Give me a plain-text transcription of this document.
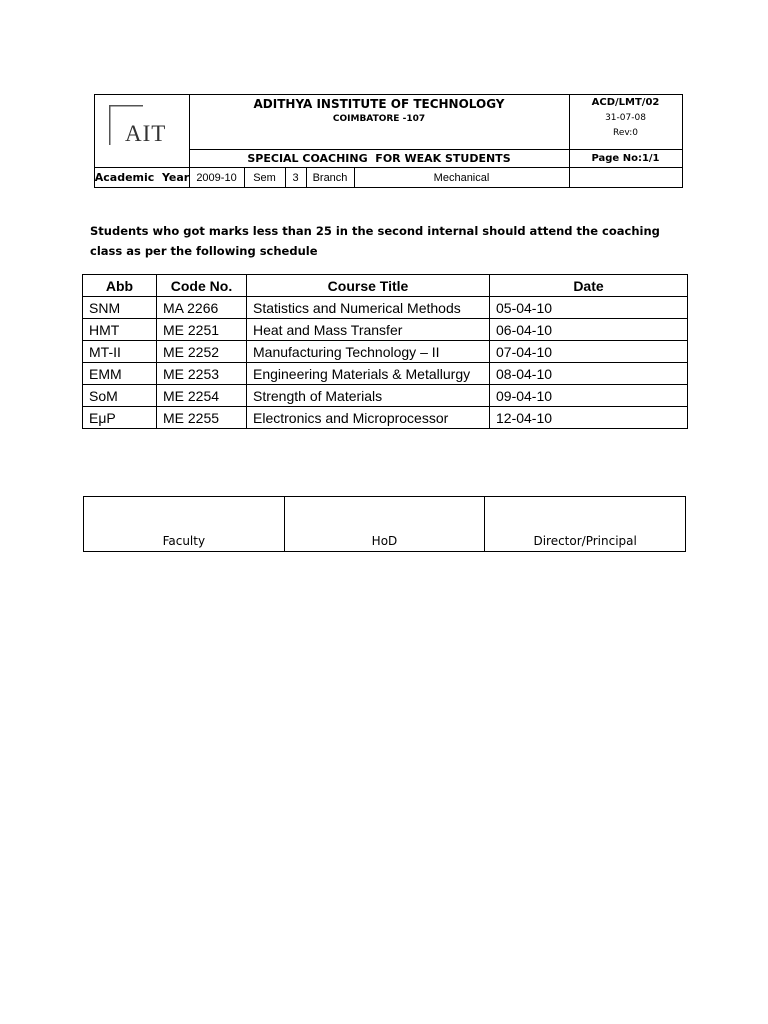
AIT
ADITHYA INSTITUTE OF TECHNOLOGY
COIMBATORE -107
ACD/LMT/02
31-07-08
Rev:0
SPECIAL COACHING  FOR WEAK STUDENTS	Page No:1/1
Academic  Year 2009-10 Sem 3 Branch	Mechanical
Students who got marks less than 25 in the second internal should attend the coaching class as per the following schedule
Abb	Code No.	Course Title	Date
SNM	MA 2266	Statistics and Numerical Methods	05-04-10
HMT	ME 2251	Heat and Mass Transfer	06-04-10
MT-II	ME 2252	Manufacturing Technology – II	07-04-10
EMM	ME 2253	Engineering Materials & Metallurgy	08-04-10
SoM	ME 2254	Strength of Materials	09-04-10
EμP	ME 2255	Electronics and Microprocessor	12-04-10
Faculty	HoD	Director/Principal
